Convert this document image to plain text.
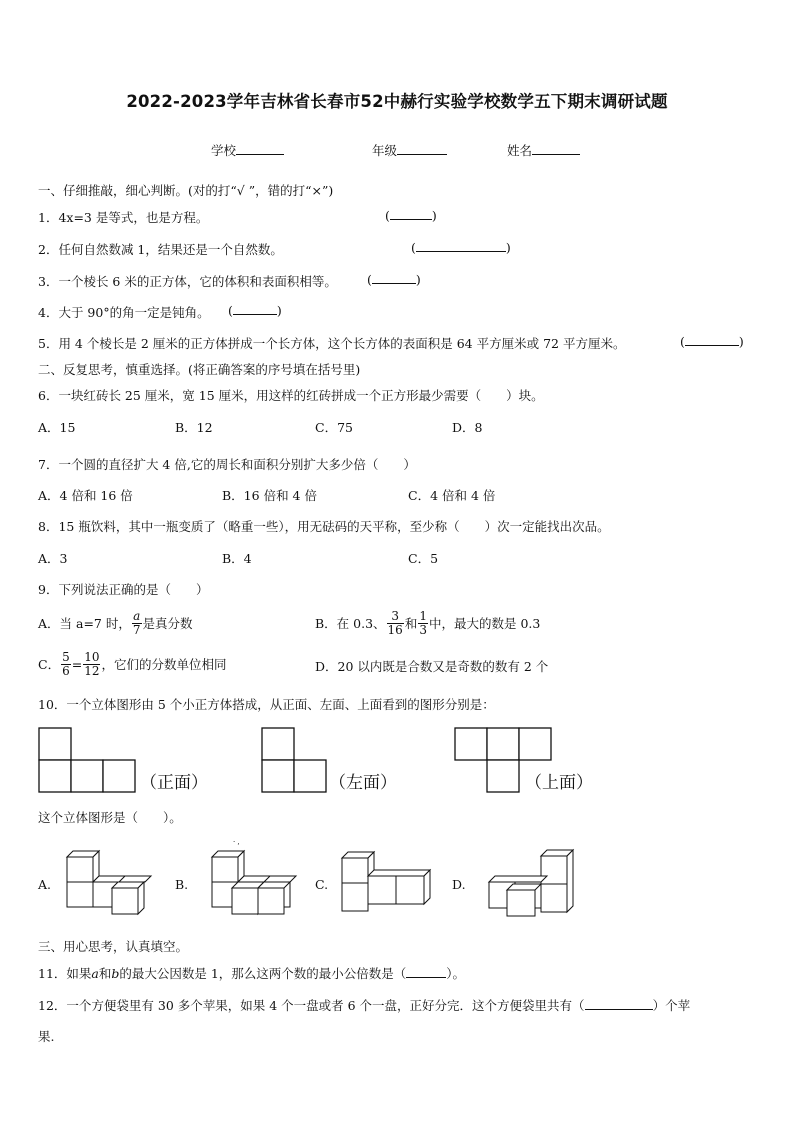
2022-2023学年吉林省长春市52中赫行实验学校数学五下期末调研试题
学校	年级	姓名
一、仔细推敲，细心判断。(对的打“√ ”，错的打“×”)
1．4x=3 是等式，也是方程。	(	)
2．任何自然数减 1，结果还是一个自然数。	(	)
3．一个棱长 6 米的正方体，它的体积和表面积相等。 (	)
4．大于 90°的角一定是钝角。 (	)
5．用 4 个棱长是 2 厘米的正方体拼成一个长方体，这个长方体的表面积是 64 平方厘米或 72 平方厘米。	(	)
二、反复思考，慎重选择。(将正确答案的序号填在括号里)
6．一块红砖长 25 厘米，宽 15 厘米，用这样的红砖拼成一个正方形最少需要（　　）块。
A．15	B．12	C．75	D．8
7．一个圆的直径扩大 4 倍,它的周长和面积分别扩大多少倍（　　）
A．4 倍和 16 倍	B．16 倍和 4 倍	C．4 倍和 4 倍
8．15 瓶饮料，其中一瓶变质了（略重一些），用无砝码的天平称，至少称（　　）次一定能找出次品。
A．3	B．4	C．5
9．下列说法正确的是（　　）
A．当 a=7 时， $\frac{a}{7}$ 是真分数	B．在 0.3、 $\frac{3}{16}$ 和 $\frac{1}{3}$ 中，最大的数是 0.3
C． $\frac{5}{6} = \frac{10}{12}$ ，它们的分数单位相同	D．20 以内既是合数又是奇数的数有 2 个
10．一个立体图形由 5 个小正方体搭成，从正面、左面、上面看到的图形分别是：
（正面）	（左面）	（上面）
这个立体图形是（　　）。
A.	B.
· ,
C.	D.
三、用心思考，认真填空。
11．如果𝑎和𝑏的最大公因数是 1，那么这两个数的最小公倍数是（	）。
12．一个方便袋里有 30 多个苹果，如果 4 个一盘或者 6 个一盘，正好分完．这个方便袋里共有（	）个苹
果.
